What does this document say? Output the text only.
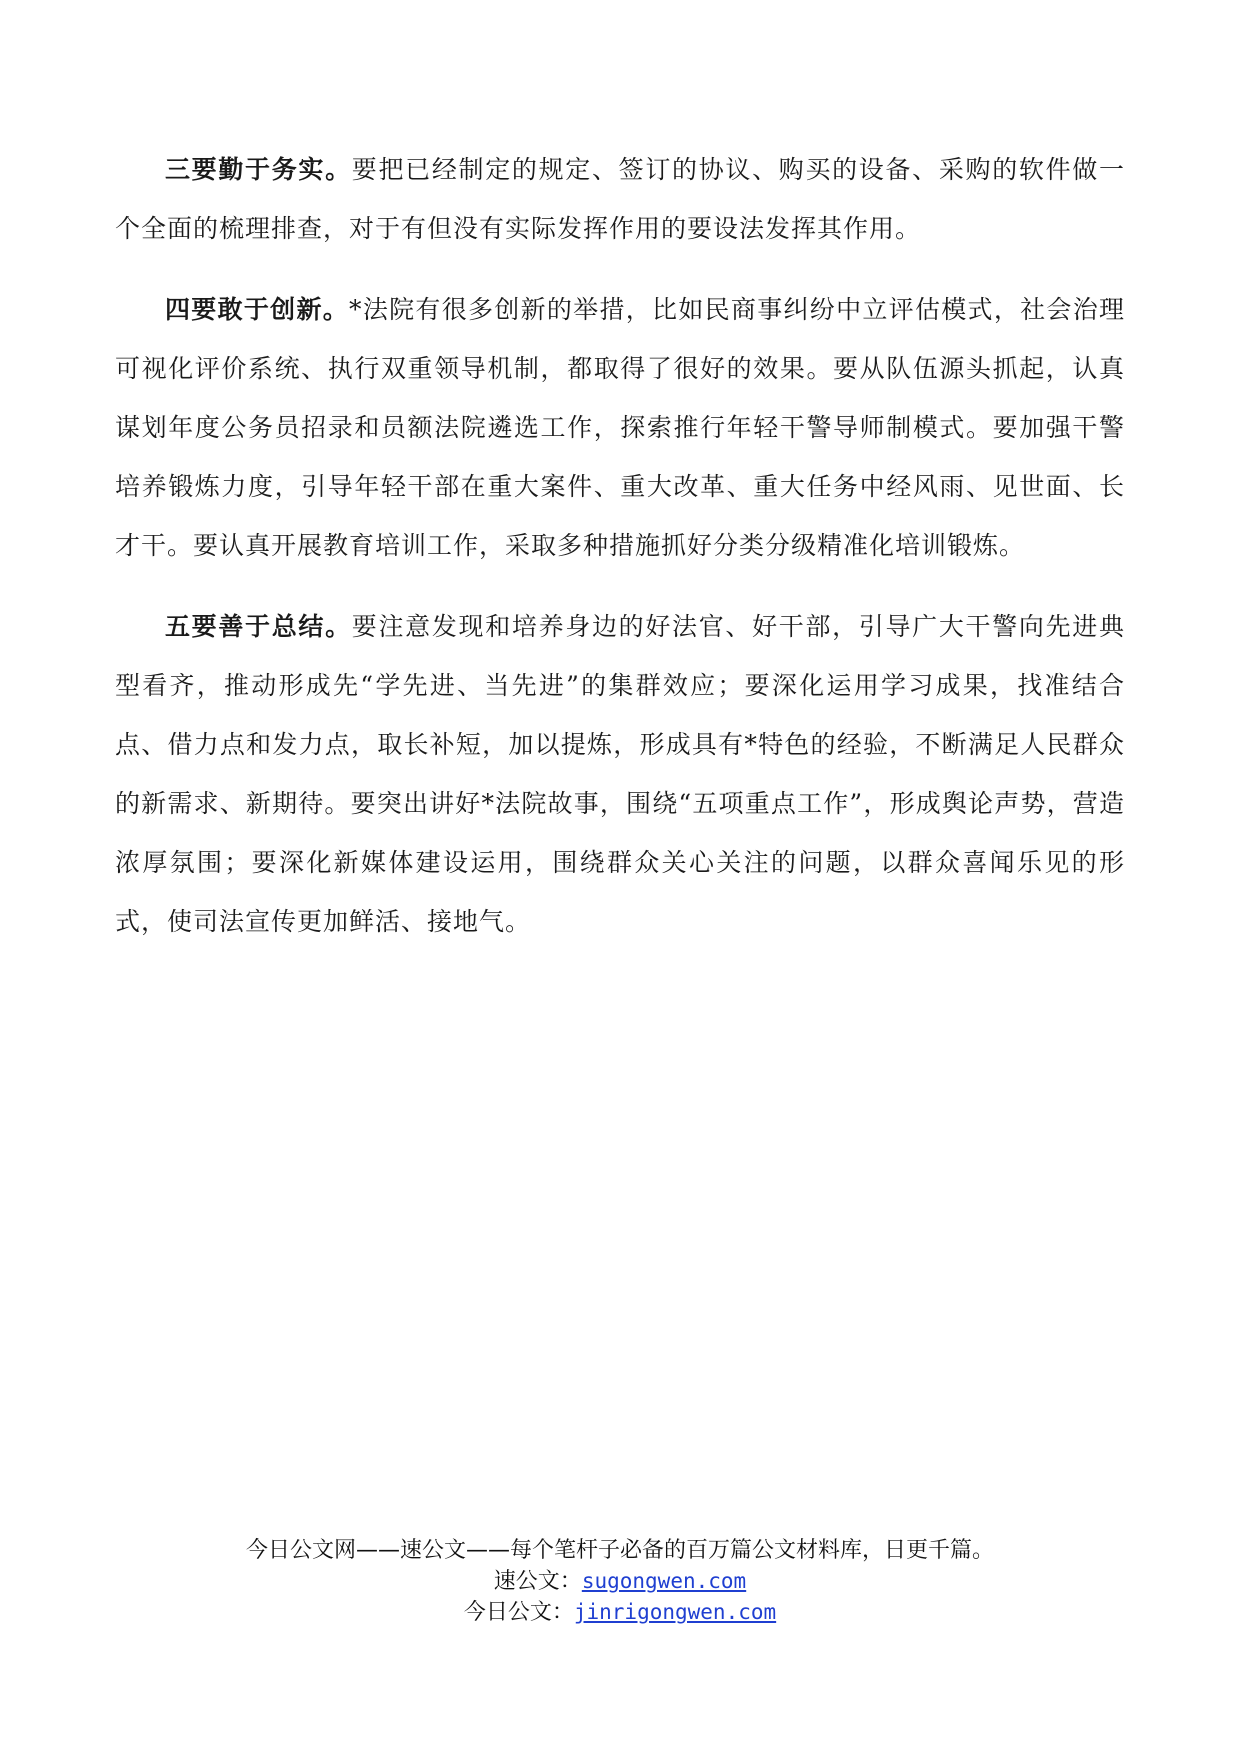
三要勤于务实。要把已经制定的规定、签订的协议、购买的设备、采购的软件做一个全面的梳理排查，对于有但没有实际发挥作用的要设法发挥其作用。

四要敢于创新。*法院有很多创新的举措，比如民商事纠纷中立评估模式，社会治理可视化评价系统、执行双重领导机制，都取得了很好的效果。要从队伍源头抓起，认真谋划年度公务员招录和员额法院遴选工作，探索推行年轻干警导师制模式。要加强干警培养锻炼力度，引导年轻干部在重大案件、重大改革、重大任务中经风雨、见世面、长才干。要认真开展教育培训工作，采取多种措施抓好分类分级精准化培训锻炼。

五要善于总结。要注意发现和培养身边的好法官、好干部，引导广大干警向先进典型看齐，推动形成先“学先进、当先进”的集群效应；要深化运用学习成果，找准结合点、借力点和发力点，取长补短，加以提炼，形成具有*特色的经验，不断满足人民群众的新需求、新期待。要突出讲好*法院故事，围绕“五项重点工作”，形成舆论声势，营造浓厚氛围；要深化新媒体建设运用，围绕群众关心关注的问题，以群众喜闻乐见的形式，使司法宣传更加鲜活、接地气。

今日公文网——速公文——每个笔杆子必备的百万篇公文材料库，日更千篇。
速公文：sugongwen.com
今日公文：jinrigongwen.com
